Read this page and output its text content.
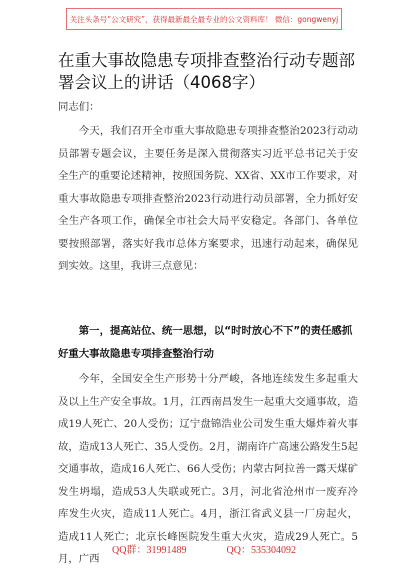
关注头条号“公文研究”，获得最新最全最专业的公文资料库！ 微信：gongwenyj
在重大事故隐患专项排查整治行动专题部署会议上的讲话（4068字）

同志们：

今天，我们召开全市重大事故隐患专项排查整治2023行动动员部署专题会议，主要任务是深入贯彻落实习近平总书记关于安全生产的重要论述精神，按照国务院、XX省、XX市工作要求，对重大事故隐患专项排查整治2023行动进行动员部署，全力抓好安全生产各项工作，确保全市社会大局平安稳定。各部门、各单位要按照部署，落实好我市总体方案要求，迅速行动起来，确保见到实效。这里，我讲三点意见：

第一，提高站位、统一思想，以“时时放心不下”的责任感抓好重大事故隐患专项排查整治行动

今年，全国安全生产形势十分严峻，各地连续发生多起重大及以上生产安全事故。1月，江西南昌发生一起重大交通事故，造成19人死亡、20人受伤；辽宁盘锦浩业公司发生重大爆炸着火事故，造成13人死亡、35人受伤。2月，湖南许广高速公路发生5起交通事故，造成16人死亡、66人受伤；内蒙古阿拉善一露天煤矿发生坍塌，造成53人失联或死亡。3月，河北省沧州市一废弃冷库发生火灾，造成11人死亡。4月，浙江省武义县一厂房起火，造成11人死亡；北京长峰医院发生重大火灾，造成29人死亡。5月，广西

QQ群：31991489	QQ：535304092
